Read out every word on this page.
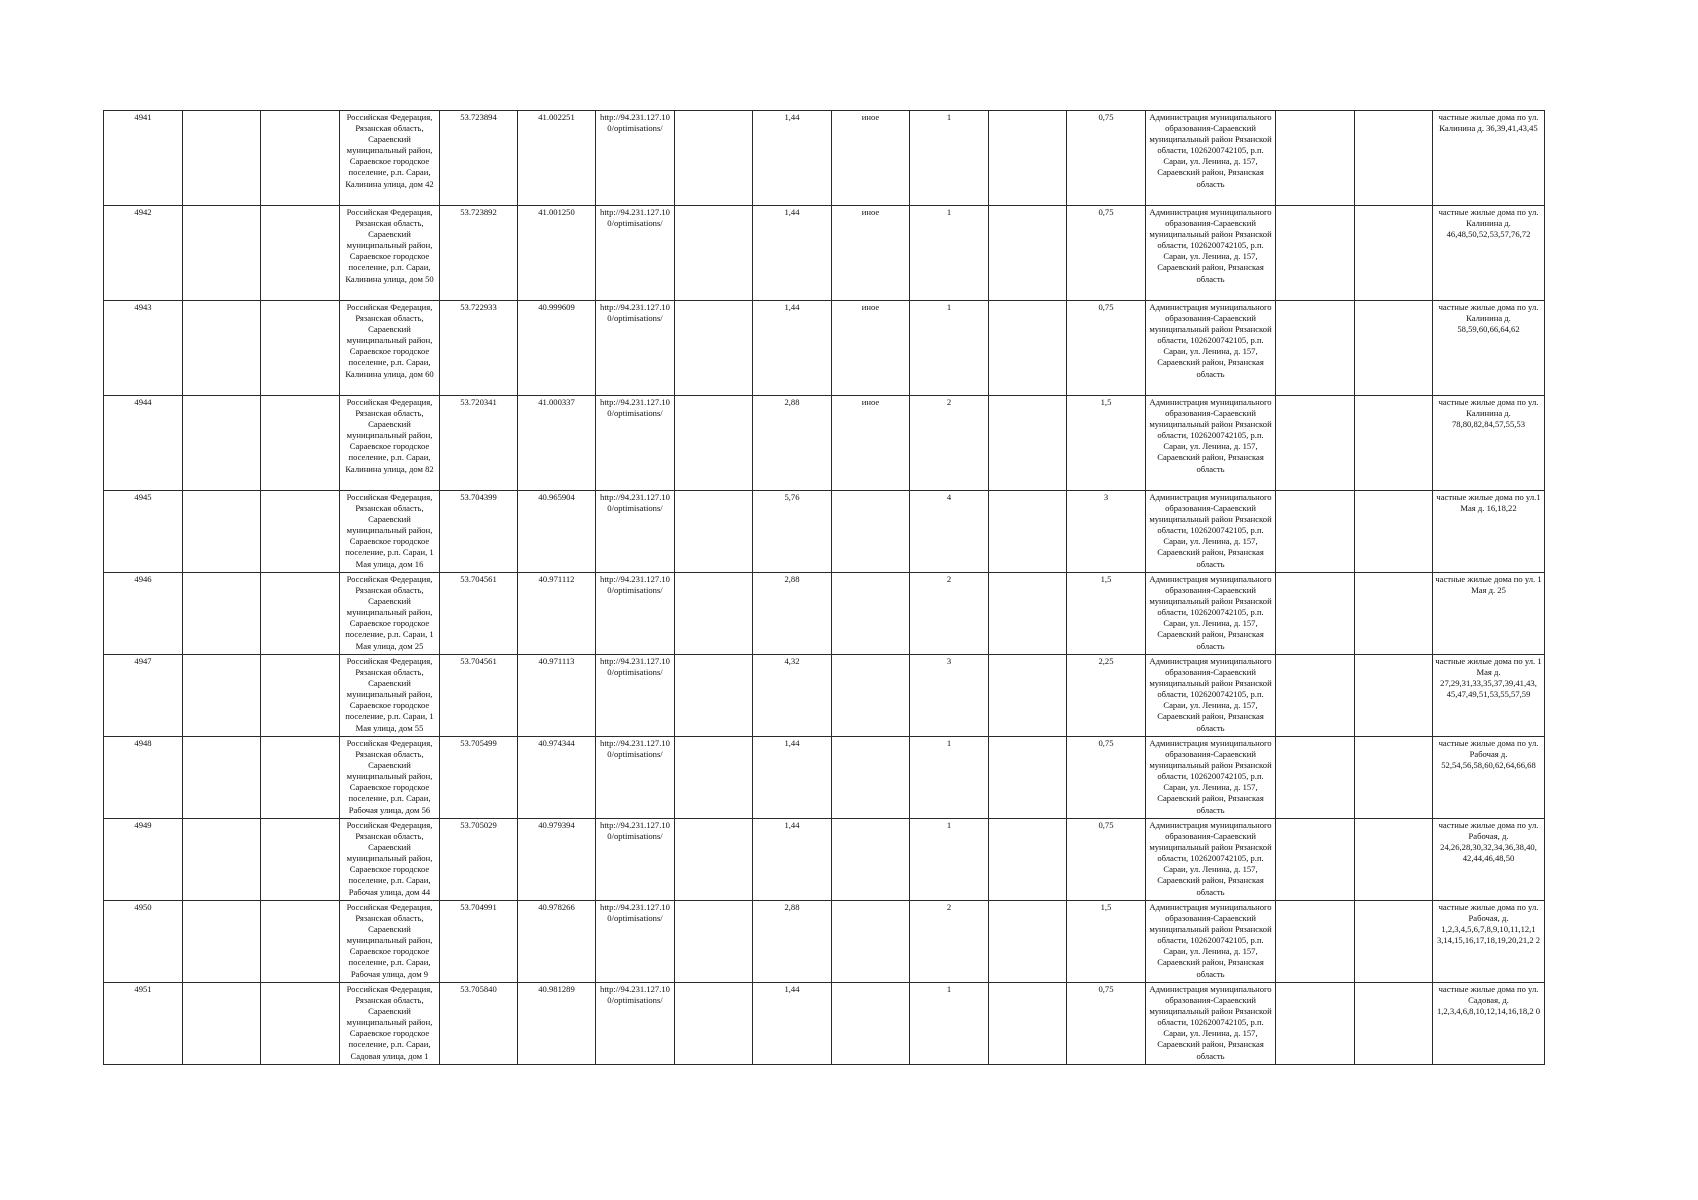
4941			Российская Федерация, Рязанская область, Сараевский муниципальный район, Сараевское городское поселение, р.п. Сараи, Калинина улица, дом 42	53.723894	41.002251	http://94.231.127.100/optimisations/		1,44	иное	1		0,75	Администрация муниципального образования-Сараевский муниципальный район Рязанской области, 1026200742105, р.п. Сараи, ул. Ленина, д. 157, Сараевский район, Рязанская область			частные жилые дома по ул. Калинина д. 36,39,41,43,45

4942			Российская Федерация, Рязанская область, Сараевский муниципальный район, Сараевское городское поселение, р.п. Сараи, Калинина улица, дом 50	53.723892	41.001250	http://94.231.127.100/optimisations/		1,44	иное	1		0,75	Администрация муниципального образования-Сараевский муниципальный район Рязанской области, 1026200742105, р.п. Сараи, ул. Ленина, д. 157, Сараевский район, Рязанская область			частные жилые дома по ул. Калинина д. 46,48,50,52,53,57,76,72

4943			Российская Федерация, Рязанская область, Сараевский муниципальный район, Сараевское городское поселение, р.п. Сараи, Калинина улица, дом 60	53.722933	40.999609	http://94.231.127.100/optimisations/		1,44	иное	1		0,75	Администрация муниципального образования-Сараевский муниципальный район Рязанской области, 1026200742105, р.п. Сараи, ул. Ленина, д. 157, Сараевский район, Рязанская область			частные жилые дома по ул. Калинина д. 58,59,60,66,64,62

4944			Российская Федерация, Рязанская область, Сараевский муниципальный район, Сараевское городское поселение, р.п. Сараи, Калинина улица, дом 82	53.720341	41.000337	http://94.231.127.100/optimisations/		2,88	иное	2		1,5	Администрация муниципального образования-Сараевский муниципальный район Рязанской области, 1026200742105, р.п. Сараи, ул. Ленина, д. 157, Сараевский район, Рязанская область			частные жилые дома по ул. Калинина д. 78,80,82,84,57,55,53

4945			Российская Федерация, Рязанская область, Сараевский муниципальный район, Сараевское городское поселение, р.п. Сараи, 1 Мая улица, дом 16	53.704399	40.965904	http://94.231.127.100/optimisations/		5,76		4		3	Администрация муниципального образования-Сараевский муниципальный район Рязанской области, 1026200742105, р.п. Сараи, ул. Ленина, д. 157, Сараевский район, Рязанская область			частные жилые дома по ул.1 Мая д. 16,18,22

4946			Российская Федерация, Рязанская область, Сараевский муниципальный район, Сараевское городское поселение, р.п. Сараи, 1 Мая улица, дом 25	53.704561	40.971112	http://94.231.127.100/optimisations/		2,88		2		1,5	Администрация муниципального образования-Сараевский муниципальный район Рязанской области, 1026200742105, р.п. Сараи, ул. Ленина, д. 157, Сараевский район, Рязанская область			частные жилые дома по ул. 1 Мая д. 25

4947			Российская Федерация, Рязанская область, Сараевский муниципальный район, Сараевское городское поселение, р.п. Сараи, 1 Мая улица, дом 55	53.704561	40.971113	http://94.231.127.100/optimisations/		4,32		3		2,25	Администрация муниципального образования-Сараевский муниципальный район Рязанской области, 1026200742105, р.п. Сараи, ул. Ленина, д. 157, Сараевский район, Рязанская область			частные жилые дома по ул. 1 Мая д. 27,29,31,33,35,37,39,41,43, 45,47,49,51,53,55,57,59

4948			Российская Федерация, Рязанская область, Сараевский муниципальный район, Сараевское городское поселение, р.п. Сараи, Рабочая улица, дом 56	53.705499	40.974344	http://94.231.127.100/optimisations/		1,44		1		0,75	Администрация муниципального образования-Сараевский муниципальный район Рязанской области, 1026200742105, р.п. Сараи, ул. Ленина, д. 157, Сараевский район, Рязанская область			частные жилые дома по ул. Рабочая д. 52,54,56,58,60,62,64,66,68

4949			Российская Федерация, Рязанская область, Сараевский муниципальный район, Сараевское городское поселение, р.п. Сараи, Рабочая улица, дом 44	53.705029	40.979394	http://94.231.127.100/optimisations/		1,44		1		0,75	Администрация муниципального образования-Сараевский муниципальный район Рязанской области, 1026200742105, р.п. Сараи, ул. Ленина, д. 157, Сараевский район, Рязанская область			частные жилые дома по ул. Рабочая, д. 24,26,28,30,32,34,36,38,40, 42,44,46,48,50

4950			Российская Федерация, Рязанская область, Сараевский муниципальный район, Сараевское городское поселение, р.п. Сараи, Рабочая улица, дом 9	53.704991	40.978266	http://94.231.127.100/optimisations/		2,88		2		1,5	Администрация муниципального образования-Сараевский муниципальный район Рязанской области, 1026200742105, р.п. Сараи, ул. Ленина, д. 157, Сараевский район, Рязанская область			частные жилые дома по ул. Рабочая, д. 1,2,3,4,5,6,7,8,9,10,11,12,1 3,14,15,16,17,18,19,20,21,2 2

4951			Российская Федерация, Рязанская область, Сараевский муниципальный район, Сараевское городское поселение, р.п. Сараи, Садовая улица, дом 1	53.705840	40.981289	http://94.231.127.100/optimisations/		1,44		1		0,75	Администрация муниципального образования-Сараевский муниципальный район Рязанской области, 1026200742105, р.п. Сараи, ул. Ленина, д. 157, Сараевский район, Рязанская область			частные жилые дома по ул. Садовая, д. 1,2,3,4,6,8,10,12,14,16,18,2 0
